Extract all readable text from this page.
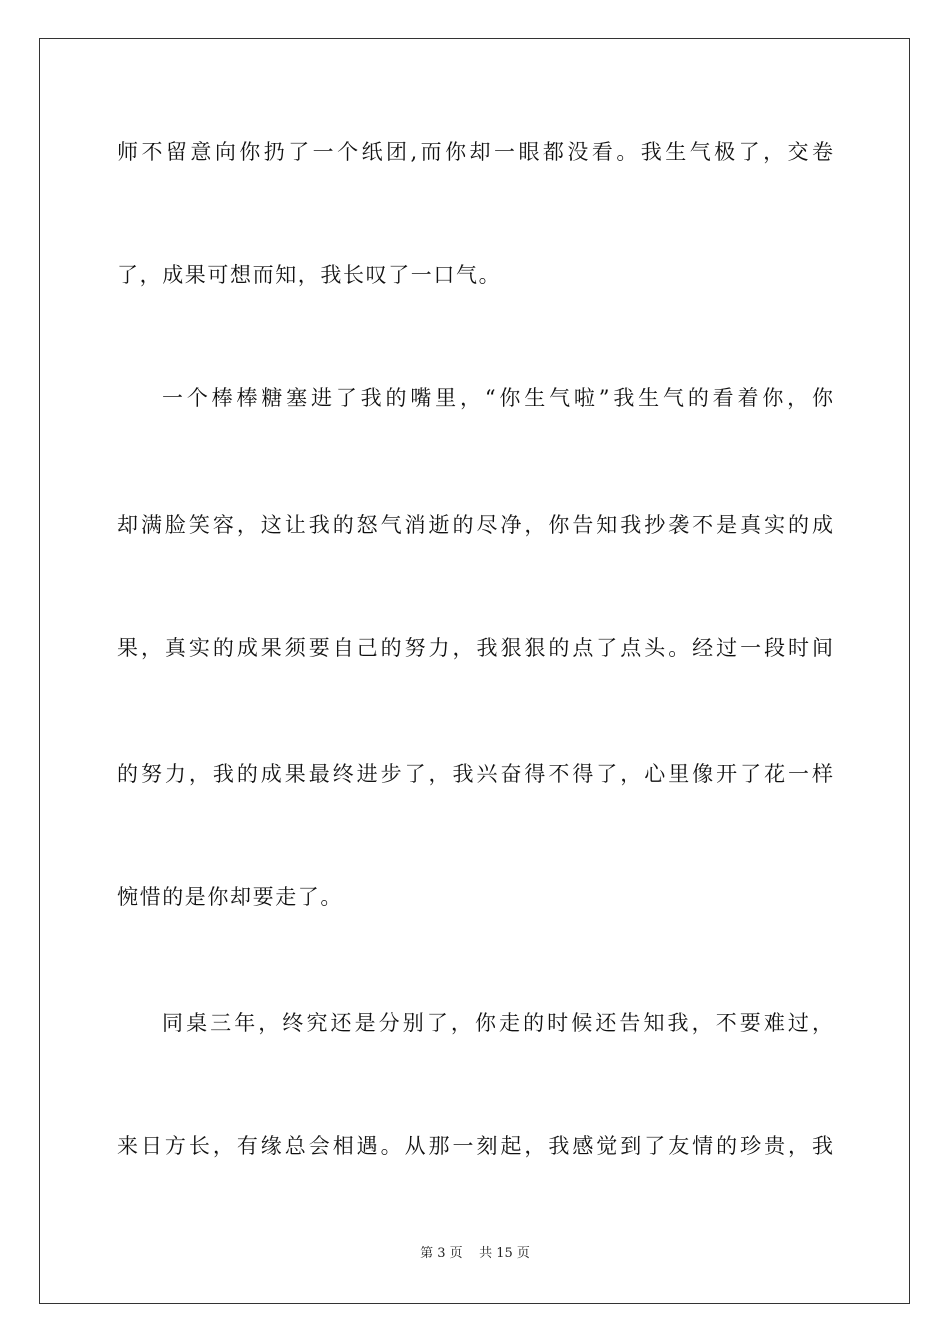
师不留意向你扔了一个纸团,而你却一眼都没看。我生气极了，交卷
了，成果可想而知，我长叹了一口气。
一个棒棒糖塞进了我的嘴里，“你生气啦”我生气的看着你，你
却满脸笑容，这让我的怒气消逝的尽净，你告知我抄袭不是真实的成
果，真实的成果须要自己的努力，我狠狠的点了点头。经过一段时间
的努力，我的成果最终进步了，我兴奋得不得了，心里像开了花一样
惋惜的是你却要走了。
同桌三年，终究还是分别了，你走的时候还告知我，不要难过，
来日方长，有缘总会相遇。从那一刻起，我感觉到了友情的珍贵，我
第 3 页    共 15 页
